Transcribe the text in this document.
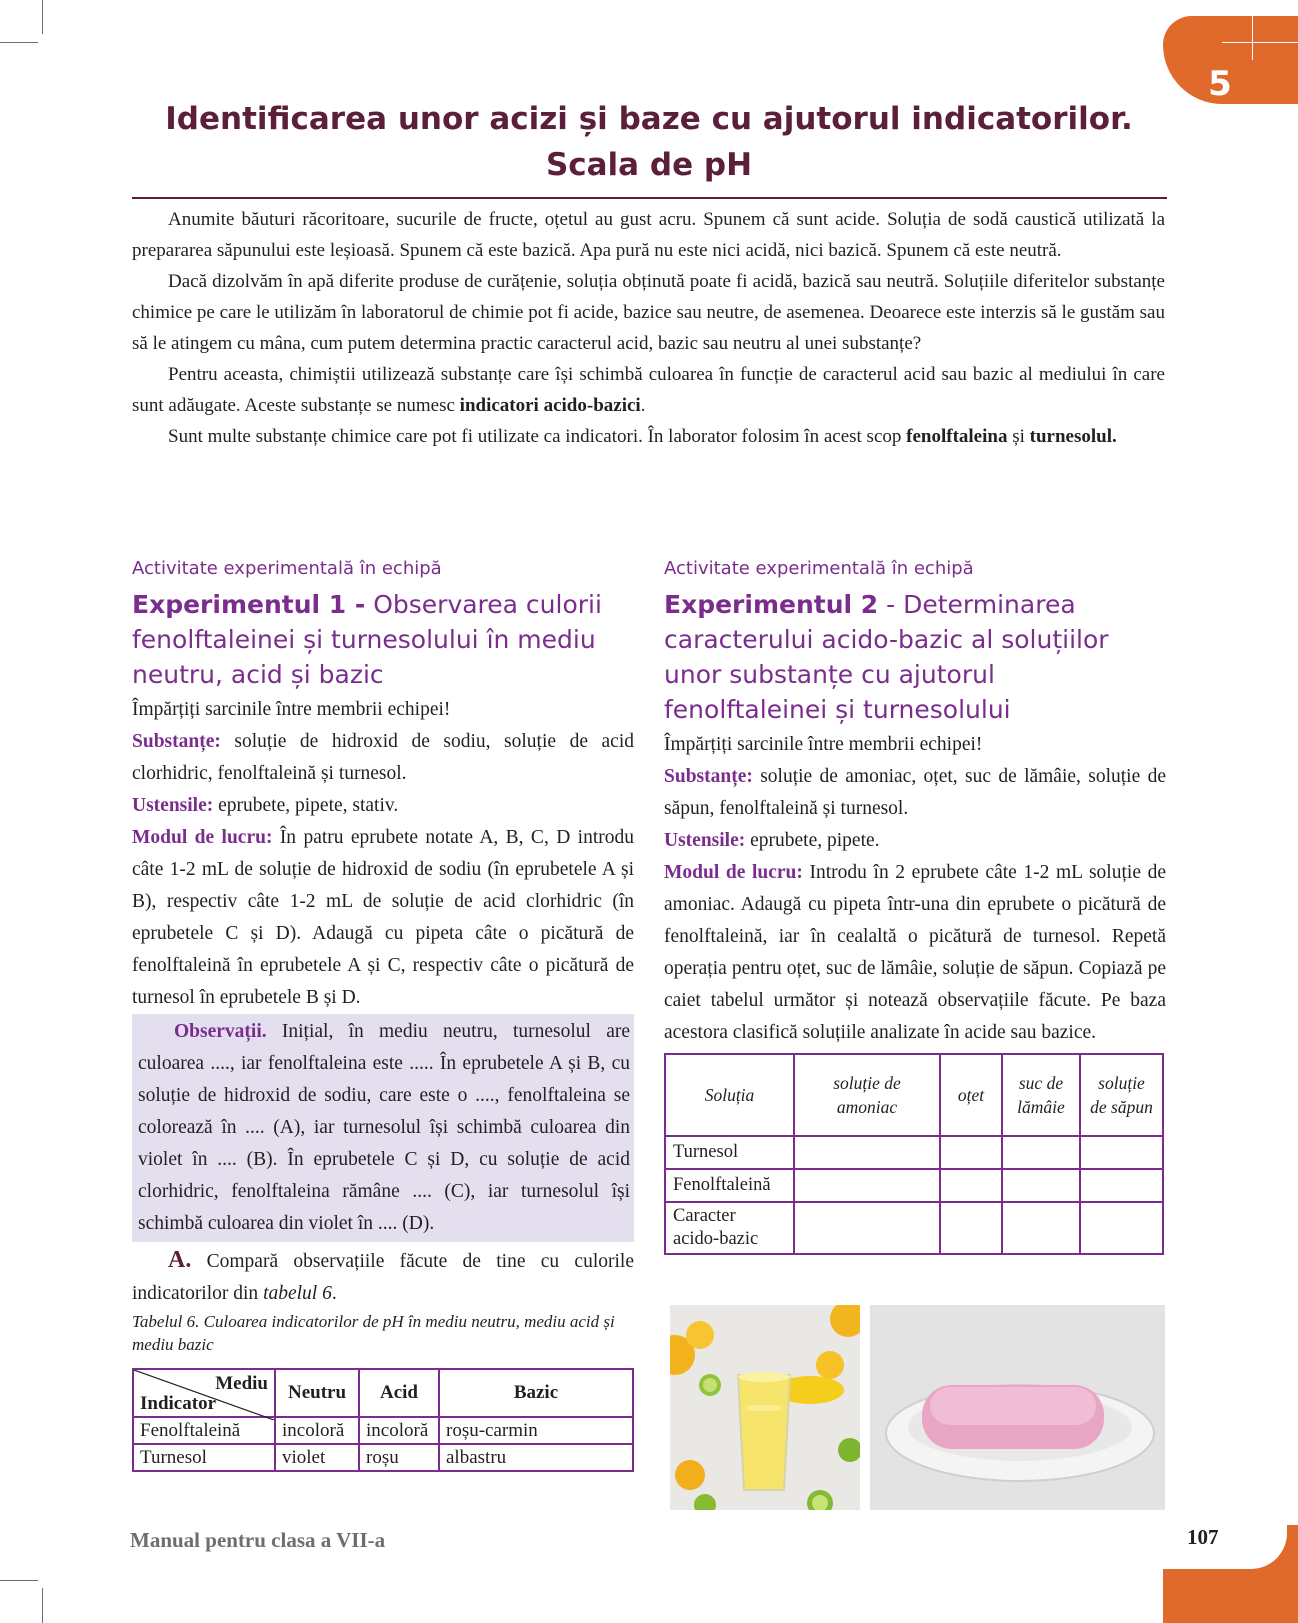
5
Identificarea unor acizi și baze cu ajutorul indicatorilor.
Scala de pH

Anumite băuturi răcoritoare, sucurile de fructe, oțetul au gust acru. Spunem că sunt acide. Soluția de sodă caustică utilizată la prepararea săpunului este leșioasă. Spunem că este bazică. Apa pură nu este nici acidă, nici bazică. Spunem că este neutră.

Dacă dizolvăm în apă diferite produse de curățenie, soluția obținută poate fi acidă, bazică sau neutră. Soluțiile diferitelor substanțe chimice pe care le utilizăm în laboratorul de chimie pot fi acide, bazice sau neutre, de asemenea. Deoarece este interzis să le gustăm sau să le atingem cu mâna, cum putem determina practic caracterul acid, bazic sau neutru al unei substanțe?

Pentru aceasta, chimiștii utilizează substanțe care își schimbă culoarea în funcție de caracterul acid sau bazic al mediului în care sunt adăugate. Aceste substanțe se numesc indicatori acido-bazici.

Sunt multe substanțe chimice care pot fi utilizate ca indicatori. În laborator folosim în acest scop fenolftaleina și turnesolul.

Activitate experimentală în echipă
Experimentul 1 - Observarea culorii fenolftaleinei și turnesolului în mediu neutru, acid și bazic

Împărțiți sarcinile între membrii echipei!

Substanțe: soluție de hidroxid de sodiu, soluție de acid clorhidric, fenolftaleină și turnesol.

Ustensile: eprubete, pipete, stativ.

Modul de lucru: În patru eprubete notate A, B, C, D introdu câte 1-2 mL de soluție de hidroxid de sodiu (în eprubetele A și B), respectiv câte 1-2 mL de soluție de acid clorhidric (în eprubetele C și D). Adaugă cu pipeta câte o picătură de fenolftaleină în eprubetele A și C, respectiv câte o picătură de turnesol în eprubetele B și D.

Observații. Inițial, în mediu neutru, turnesolul are culoarea ...., iar fenolftaleina este ..... În eprubetele A și B, cu soluție de hidroxid de sodiu, care este o ...., fenolftaleina se colorează în .... (A), iar turnesolul își schimbă culoarea din violet în .... (B). În eprubetele C și D, cu soluție de acid clorhidric, fenolftaleina rămâne .... (C), iar turnesolul își schimbă culoarea din violet în .... (D).

A. Compară observațiile făcute de tine cu culorile indicatorilor din tabelul 6.

Tabelul 6. Culoarea indicatorilor de pH în mediu neutru, mediu acid și mediu bazic

Mediu
Indicator	Neutru	Acid	Bazic
Fenolftaleină	incoloră	incoloră	roșu-carmin
Turnesol	violet	roșu	albastru
Activitate experimentală în echipă
Experimentul 2 - Determinarea caracterului acido-bazic al soluțiilor unor substanțe cu ajutorul fenolftaleinei și turnesolului

Împărțiți sarcinile între membrii echipei!

Substanțe: soluție de amoniac, oțet, suc de lămâie, soluție de săpun, fenolftaleină și turnesol.

Ustensile: eprubete, pipete.

Modul de lucru: Introdu în 2 eprubete câte 1-2 mL soluție de amoniac. Adaugă cu pipeta într-una din eprubete o picătură de fenolftaleină, iar în cealaltă o picătură de turnesol. Repetă operația pentru oțet, suc de lămâie, soluție de săpun. Copiază pe caiet tabelul următor și notează observațiile făcute. Pe baza acestora clasifică soluțiile analizate în acide sau bazice.

Soluția	soluție de amoniac	oțet	suc de lămâie	soluție de săpun
Turnesol				
Fenolftaleină				
Caracter acido-bazic				
Manual pentru clasa a VII-a	107
